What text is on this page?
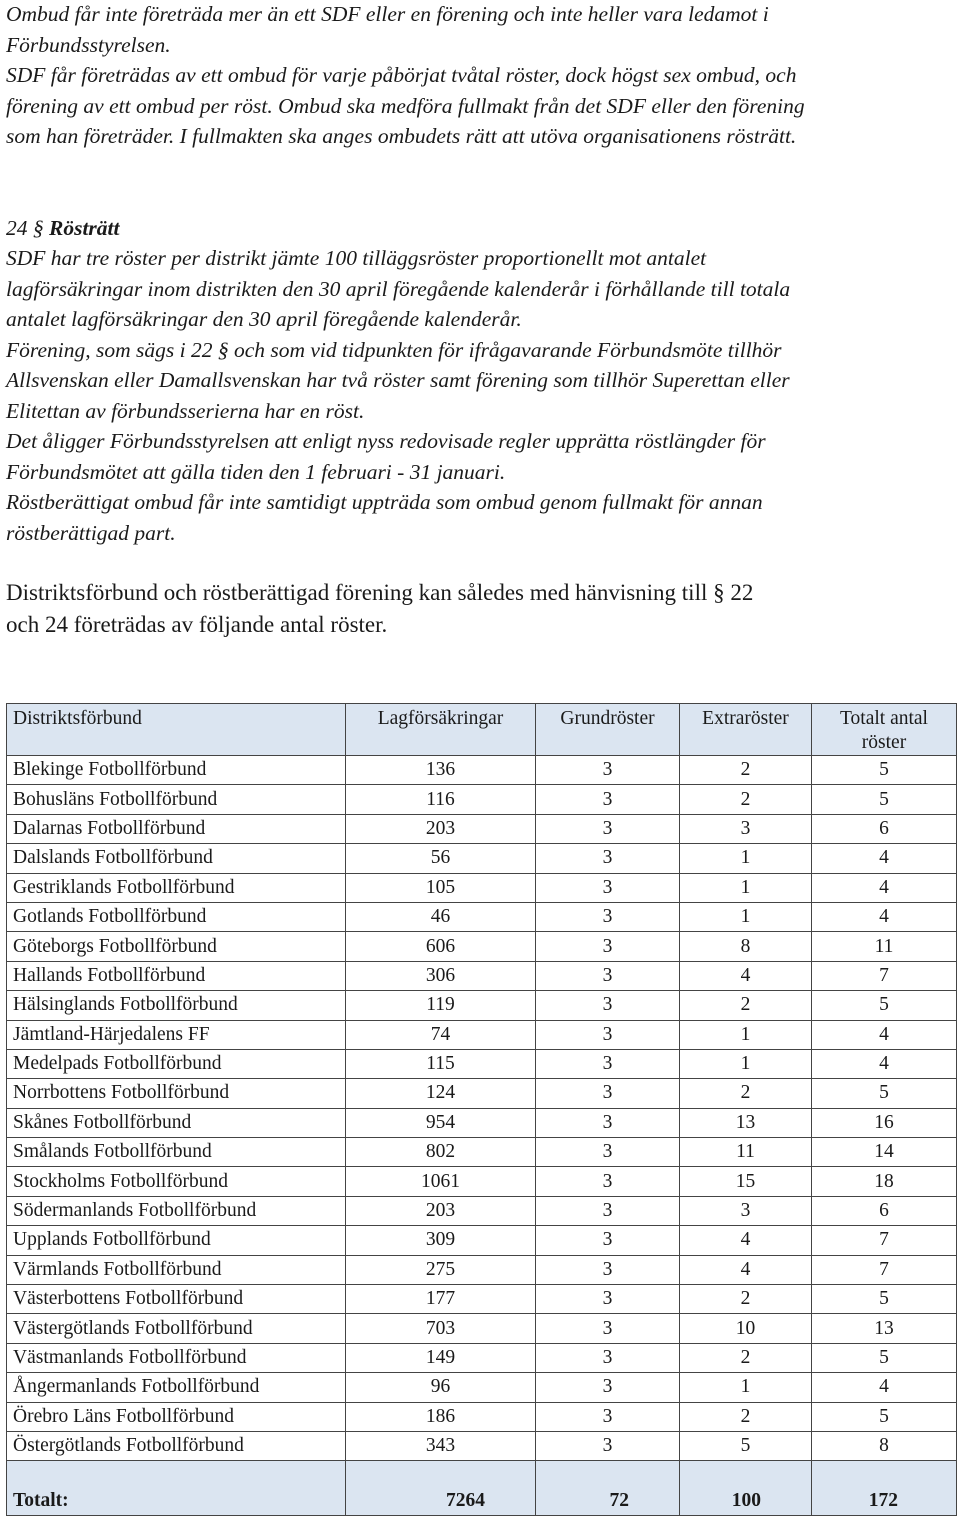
Ombud får inte företräda mer än ett SDF eller en förening och inte heller vara ledamot i

Förbundsstyrelsen.

SDF får företrädas av ett ombud för varje påbörjat tvåtal röster, dock högst sex ombud, och

förening av ett ombud per röst. Ombud ska medföra fullmakt från det SDF eller den förening

som han företräder. I fullmakten ska anges ombudets rätt att utöva organisationens rösträtt.

24 § Rösträtt

SDF har tre röster per distrikt jämte 100 tilläggsröster proportionellt mot antalet

lagförsäkringar inom distrikten den 30 april föregående kalenderår i förhållande till totala

antalet lagförsäkringar den 30 april föregående kalenderår.

Förening, som sägs i 22 § och som vid tidpunkten för ifrågavarande Förbundsmöte tillhör

Allsvenskan eller Damallsvenskan har två röster samt förening som tillhör Superettan eller

Elitettan av förbundsserierna har en röst.

Det åligger Förbundsstyrelsen att enligt nyss redovisade regler upprätta röstlängder för

Förbundsmötet att gälla tiden den 1 februari - 31 januari.

Röstberättigat ombud får inte samtidigt uppträda som ombud genom fullmakt för annan

röstberättigad part.

Distriktsförbund och röstberättigad förening kan således med hänvisning till § 22

och 24 företrädas av följande antal röster.

Distriktsförbund	Lagförsäkringar	Grundröster	Extraröster	Totalt antal röster
Blekinge Fotbollförbund	136	3	2	5
Bohusläns Fotbollförbund	116	3	2	5
Dalarnas Fotbollförbund	203	3	3	6
Dalslands Fotbollförbund	56	3	1	4
Gestriklands Fotbollförbund	105	3	1	4
Gotlands Fotbollförbund	46	3	1	4
Göteborgs Fotbollförbund	606	3	8	11
Hallands Fotbollförbund	306	3	4	7
Hälsinglands Fotbollförbund	119	3	2	5
Jämtland-Härjedalens FF	74	3	1	4
Medelpads Fotbollförbund	115	3	1	4
Norrbottens Fotbollförbund	124	3	2	5
Skånes Fotbollförbund	954	3	13	16
Smålands Fotbollförbund	802	3	11	14
Stockholms Fotbollförbund	1061	3	15	18
Södermanlands Fotbollförbund	203	3	3	6
Upplands Fotbollförbund	309	3	4	7
Värmlands Fotbollförbund	275	3	4	7
Västerbottens Fotbollförbund	177	3	2	5
Västergötlands Fotbollförbund	703	3	10	13
Västmanlands Fotbollförbund	149	3	2	5
Ångermanlands Fotbollförbund	96	3	1	4
Örebro Läns Fotbollförbund	186	3	2	5
Östergötlands Fotbollförbund	343	3	5	8
Totalt:	7264	72	100	172
